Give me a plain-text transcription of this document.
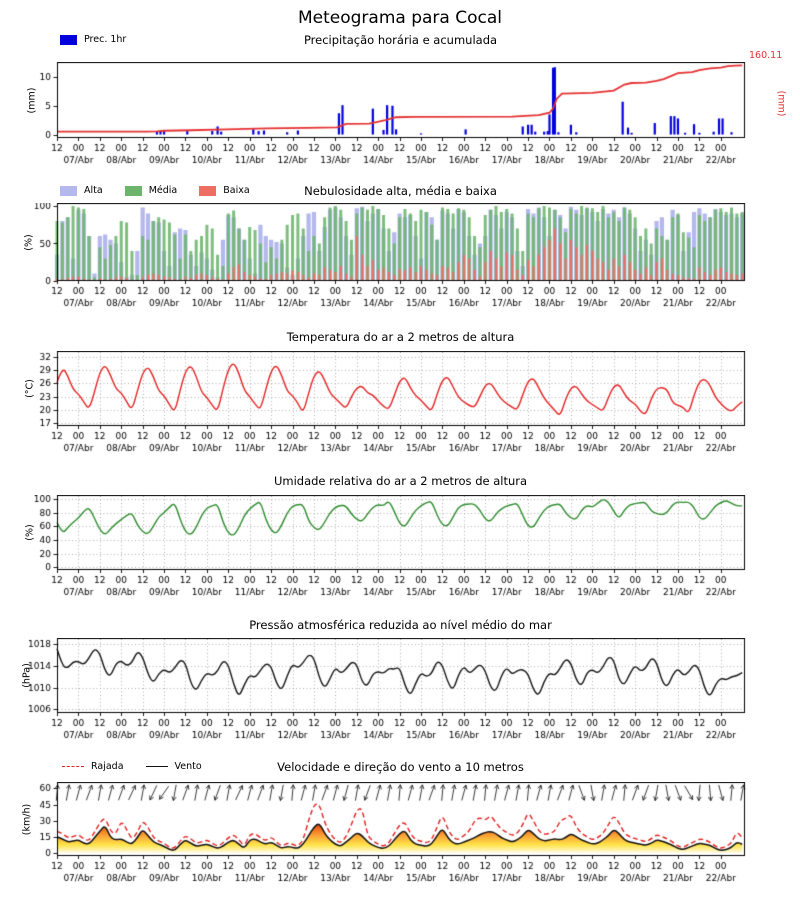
Meteograma para Cocal
Precipitação horária e acumulada
Prec. 1hr
160.11
Nebulosidade alta, média e baixa
Alta	Média	Baixa
Temperatura do ar a 2 metros de altura
Umidade relativa do ar a 2 metros de altura
Pressão atmosférica reduzida ao nível médio do mar
Velocidade e direção do vento a 10 metros
Rajada	Vento
